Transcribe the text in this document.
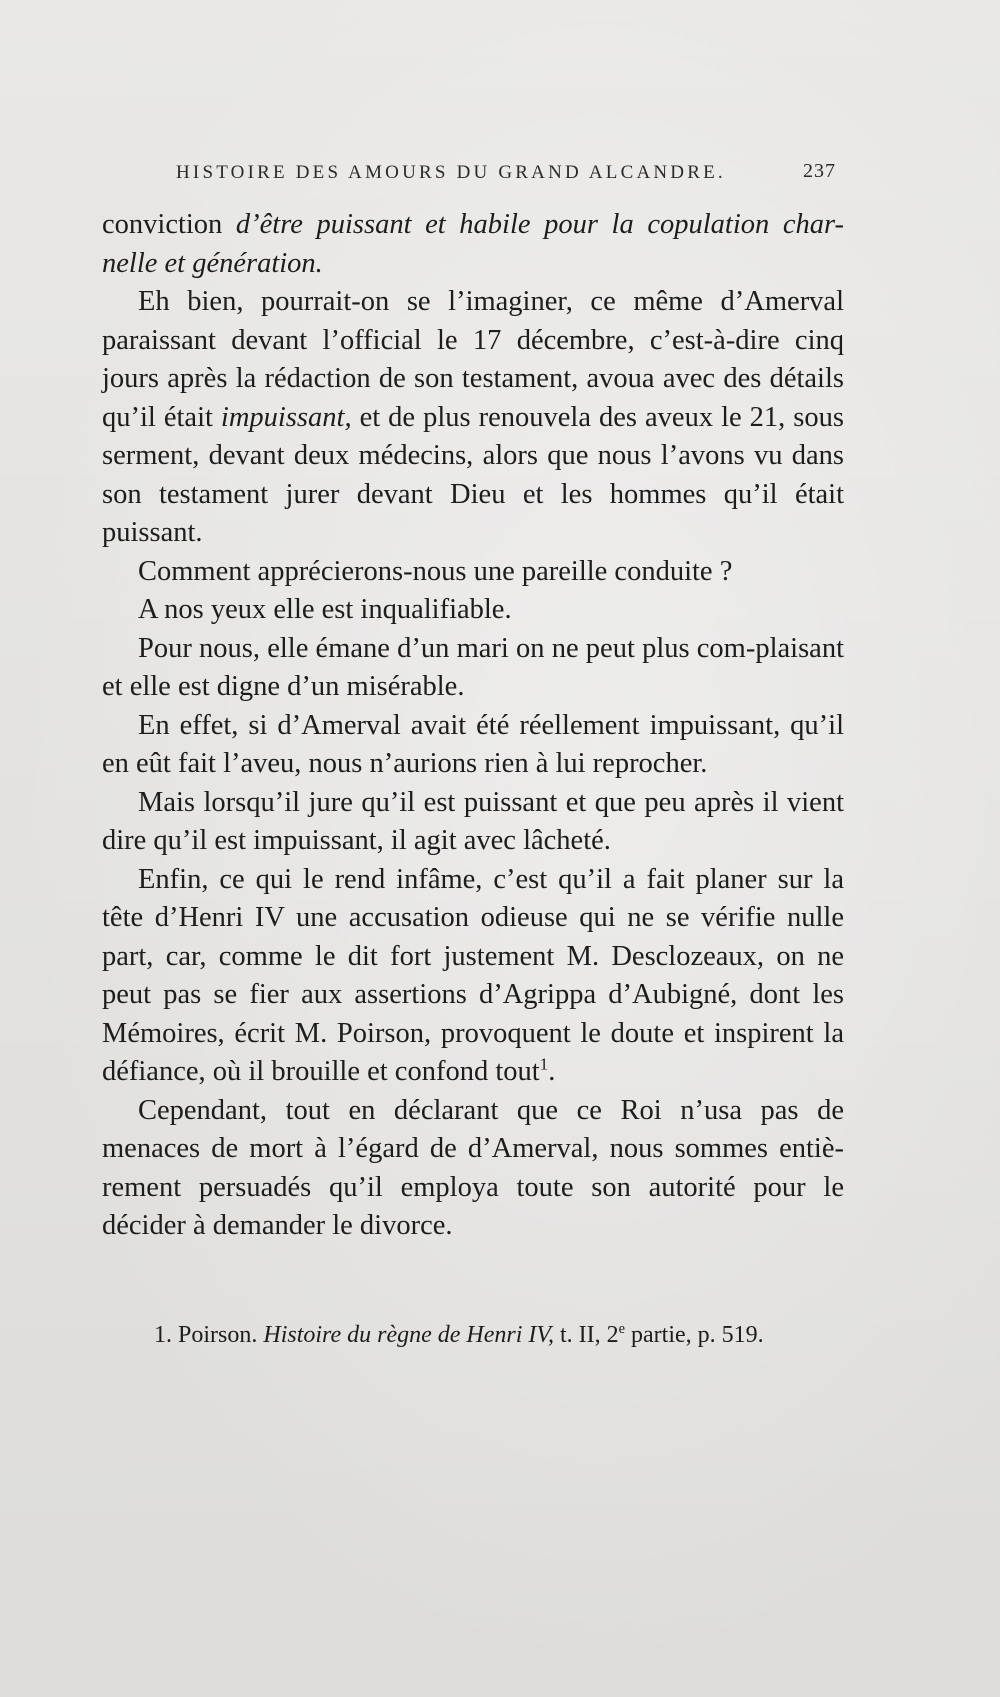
HISTOIRE DES AMOURS DU GRAND ALCANDRE.	237

conviction d’être puissant et habile pour la copulation char-nelle et génération.

Eh bien, pourrait-on se l’imaginer, ce même d’Amerval paraissant devant l’official le 17 décembre, c’est-à-dire cinq jours après la rédaction de son testament, avoua avec des détails qu’il était impuissant, et de plus renouvela des aveux le 21, sous serment, devant deux médecins, alors que nous l’avons vu dans son testament jurer devant Dieu et les hommes qu’il était puissant.

Comment apprécierons-nous une pareille conduite ?

A nos yeux elle est inqualifiable.

Pour nous, elle émane d’un mari on ne peut plus com-plaisant et elle est digne d’un misérable.

En effet, si d’Amerval avait été réellement impuissant, qu’il en eût fait l’aveu, nous n’aurions rien à lui reprocher.

Mais lorsqu’il jure qu’il est puissant et que peu après il vient dire qu’il est impuissant, il agit avec lâcheté.

Enfin, ce qui le rend infâme, c’est qu’il a fait planer sur la tête d’Henri IV une accusation odieuse qui ne se vérifie nulle part, car, comme le dit fort justement M. Desclozeaux, on ne peut pas se fier aux assertions d’Agrippa d’Aubigné, dont les Mémoires, écrit M. Poirson, provoquent le doute et inspirent la défiance, où il brouille et confond tout$^1$.

Cependant, tout en déclarant que ce Roi n’usa pas de menaces de mort à l’égard de d’Amerval, nous sommes entiè-rement persuadés qu’il employa toute son autorité pour le décider à demander le divorce.

1. Poirson. Histoire du règne de Henri IV, t. II, 2e partie, p. 519.
